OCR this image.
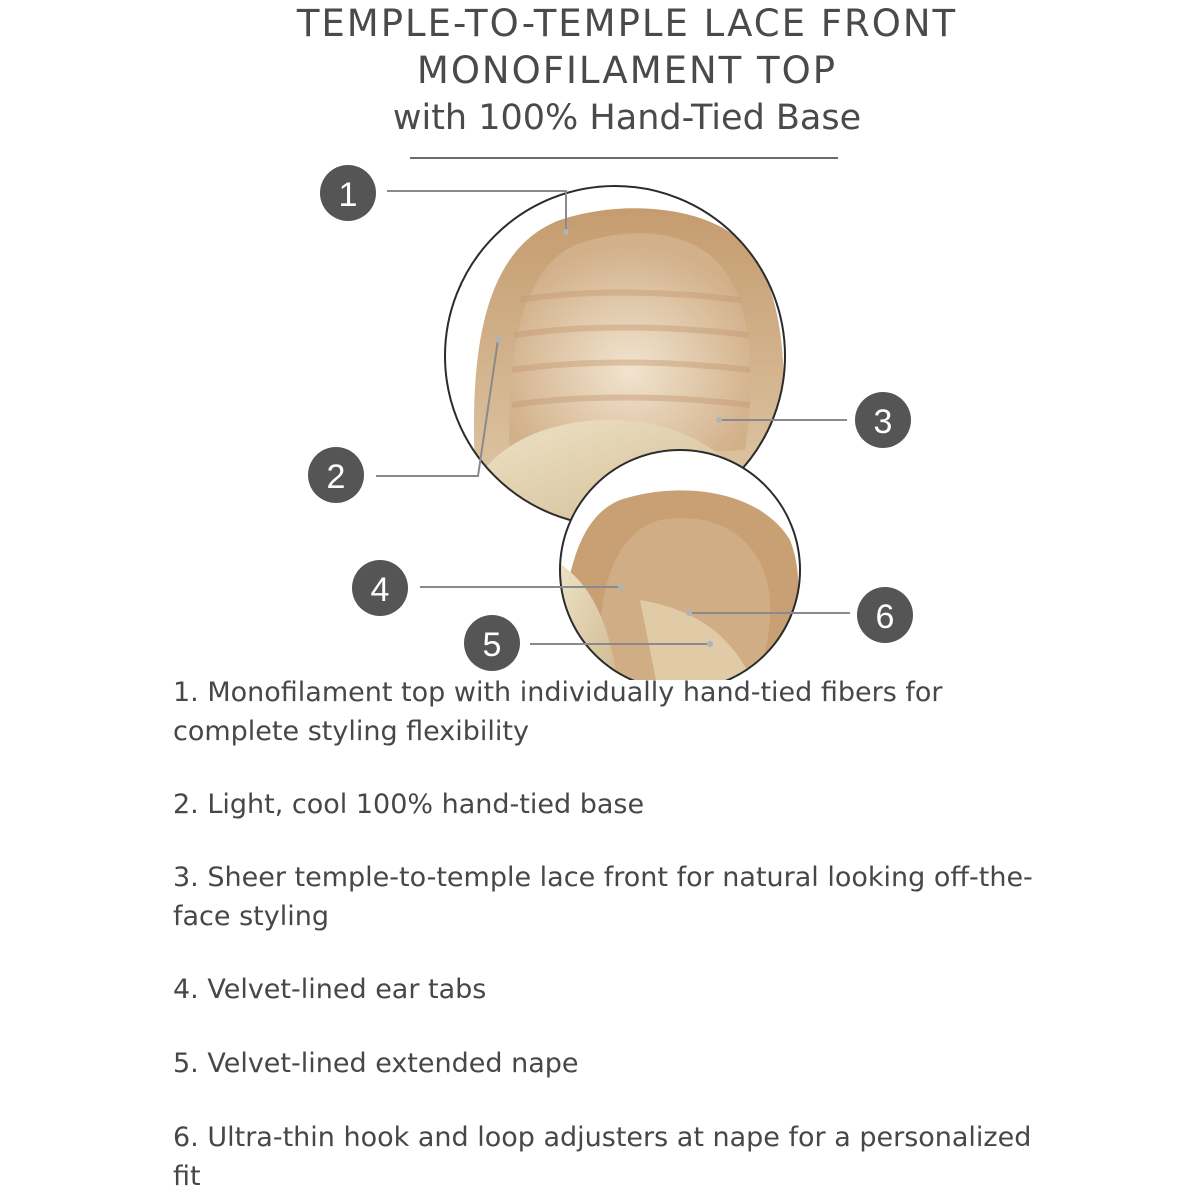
TEMPLE-TO-TEMPLE LACE FRONT
MONOFILAMENT TOP
with 100% Hand-Tied Base
1
2
3
4
5
6
1. Monofilament top with individually hand-tied fibers for complete styling flexibility
2. Light, cool 100% hand-tied base
3. Sheer temple-to-temple lace front for natural looking off-the-face styling
4. Velvet-lined ear tabs
5. Velvet-lined extended nape
6. Ultra-thin hook and loop adjusters at nape for a personalized fit
